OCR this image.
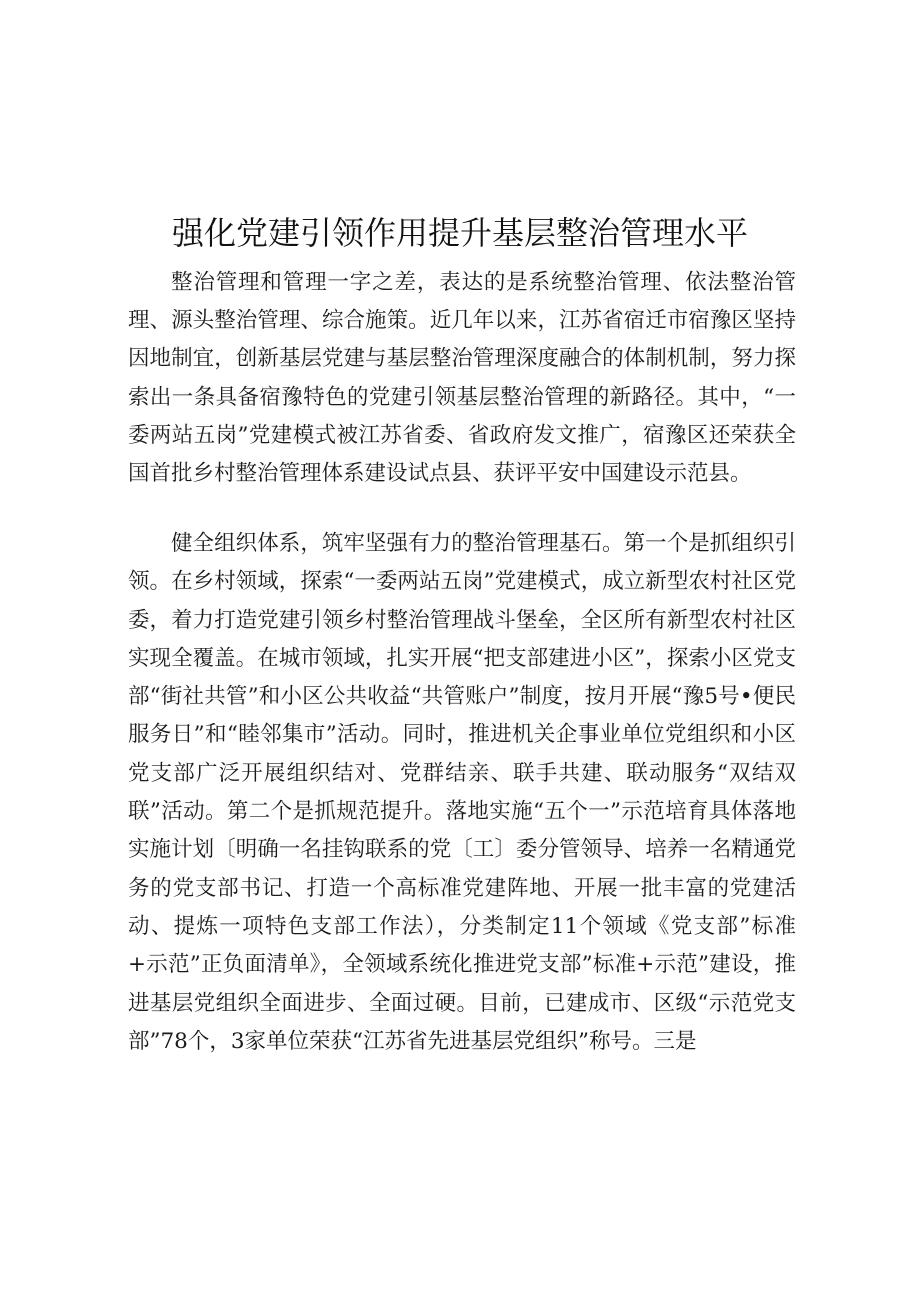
强化党建引领作用提升基层整治管理水平

整治管理和管理一字之差，表达的是系统整治管理、依法整治管理、源头整治管理、综合施策。近几年以来，江苏省宿迁市宿豫区坚持因地制宜，创新基层党建与基层整治管理深度融合的体制机制，努力探索出一条具备宿豫特色的党建引领基层整治管理的新路径。其中，“一委两站五岗”党建模式被江苏省委、省政府发文推广，宿豫区还荣获全国首批乡村整治管理体系建设试点县、获评平安中国建设示范县。

健全组织体系，筑牢坚强有力的整治管理基石。第一个是抓组织引领。在乡村领域，探索“一委两站五岗”党建模式，成立新型农村社区党委，着力打造党建引领乡村整治管理战斗堡垒，全区所有新型农村社区实现全覆盖。在城市领域，扎实开展“把支部建进小区”，探索小区党支部“街社共管”和小区公共收益“共管账户”制度，按月开展“豫5号•便民服务日”和“睦邻集市”活动。同时，推进机关企事业单位党组织和小区党支部广泛开展组织结对、党群结亲、联手共建、联动服务“双结双联”活动。第二个是抓规范提升。落地实施“五个一”示范培育具体落地实施计划〔明确一名挂钩联系的党〔工〕委分管领导、培养一名精通党务的党支部书记、打造一个高标准党建阵地、开展一批丰富的党建活动、提炼一项特色支部工作法），分类制定11个领域《党支部”标准+示范”正负面清单》，全领域系统化推进党支部”标准+示范”建设，推进基层党组织全面进步、全面过硬。目前，已建成市、区级“示范党支部”78个，3家单位荣获“江苏省先进基层党组织”称号。三是
